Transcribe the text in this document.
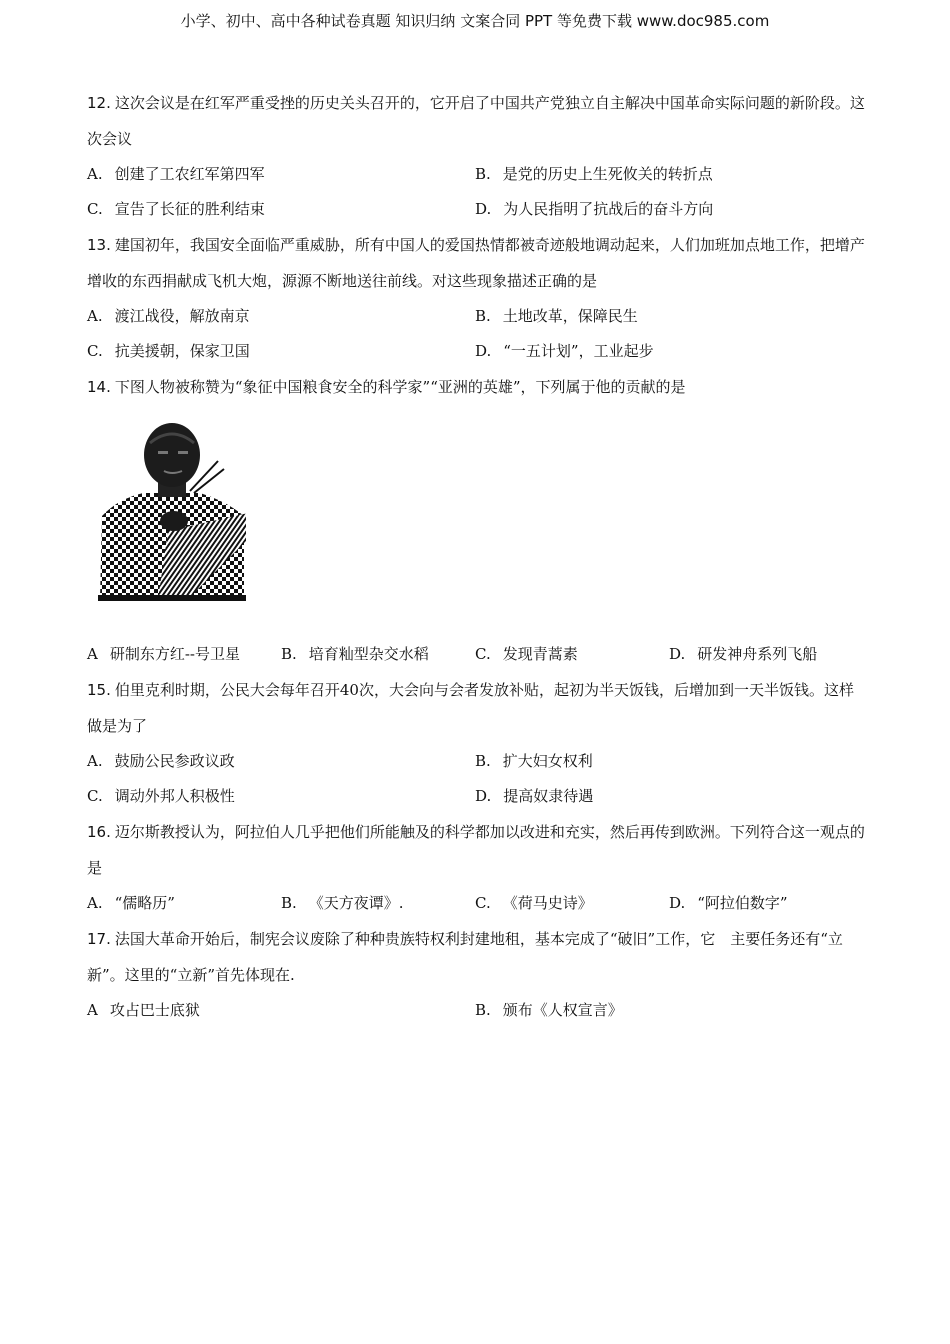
小学、初中、高中各种试卷真题 知识归纳 文案合同 PPT 等免费下载 www.doc985.com

12. 这次会议是在红军严重受挫的历史关头召开的，它开启了中国共产党独立自主解决中国革命实际问题的新阶段。这次会议

A. 创建了工农红军第四军	B. 是党的历史上生死攸关的转折点
C. 宣告了长征的胜利结束	D. 为人民指明了抗战后的奋斗方向

13. 建国初年，我国安全面临严重威胁，所有中国人的爱国热情都被奇迹般地调动起来，人们加班加点地工作，把增产增收的东西捐献成飞机大炮，源源不断地送往前线。对这些现象描述正确的是

A. 渡江战役，解放南京	B. 土地改革，保障民生
C. 抗美援朝，保家卫国	D. “一五计划”，工业起步

14. 下图人物被称赞为“象征中国粮食安全的科学家”“亚洲的英雄”，下列属于他的贡献的是

A 研制东方红--号卫星	B. 培育籼型杂交水稻	C. 发现青蒿素	D. 研发神舟系列飞船

15. 伯里克利时期，公民大会每年召开40次，大会向与会者发放补贴，起初为半天饭钱，后增加到一天半饭钱。这样做是为了

A. 鼓励公民参政议政	B. 扩大妇女权利
C. 调动外邦人积极性	D. 提高奴隶待遇

16. 迈尔斯教授认为，阿拉伯人几乎把他们所能触及的科学都加以改进和充实，然后再传到欧洲。下列符合这一观点的是

A. “儒略历”	B. 《天方夜谭》.	C. 《荷马史诗》	D. “阿拉伯数字”

17. 法国大革命开始后，制宪会议废除了种种贵族特权利封建地租，基本完成了“破旧”工作，它　主要任务还有“立新”。这里的“立新”首先体现在.

A 攻占巴士底狱	B. 颁布《人权宣言》
